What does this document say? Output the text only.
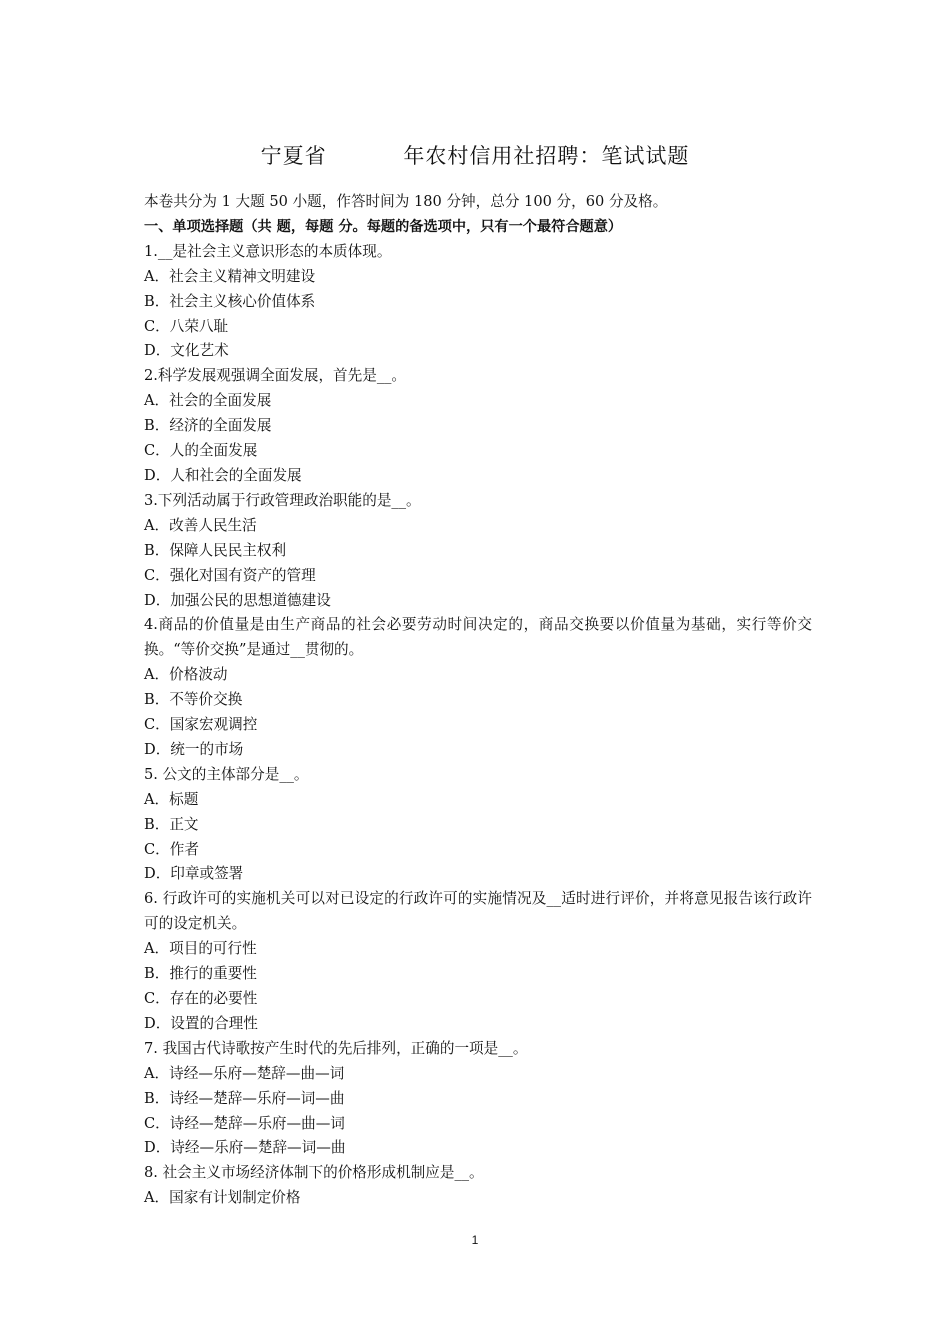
宁夏省          年农村信用社招聘：笔试试题

本卷共分为 1 大题 50 小题，作答时间为 180 分钟，总分 100 分，60 分及格。

一、单项选择题（共 题，每题 分。每题的备选项中，只有一个最符合题意）

1.__是社会主义意识形态的本质体现。

A．社会主义精神文明建设

B．社会主义核心价值体系

C．八荣八耻

D．文化艺术

2.科学发展观强调全面发展，首先是__。

A．社会的全面发展

B．经济的全面发展

C．人的全面发展

D．人和社会的全面发展

3.下列活动属于行政管理政治职能的是__。

A．改善人民生活

B．保障人民民主权利

C．强化对国有资产的管理

D．加强公民的思想道德建设

4.商品的价值量是由生产商品的社会必要劳动时间决定的，商品交换要以价值量为基础，实行等价交换。“等价交换”是通过__贯彻的。

A．价格波动

B．不等价交换

C．国家宏观调控

D．统一的市场

5. 公文的主体部分是__。

A．标题

B．正文

C．作者

D．印章或签署

6. 行政许可的实施机关可以对已设定的行政许可的实施情况及__适时进行评价，并将意见报告该行政许可的设定机关。

A．项目的可行性

B．推行的重要性

C．存在的必要性

D．设置的合理性

7. 我国古代诗歌按产生时代的先后排列，正确的一项是__。

A．诗经—乐府—楚辞—曲—词

B．诗经—楚辞—乐府—词—曲

C．诗经—楚辞—乐府—曲—词

D．诗经—乐府—楚辞—词—曲

8. 社会主义市场经济体制下的价格形成机制应是__。

A．国家有计划制定价格

1
